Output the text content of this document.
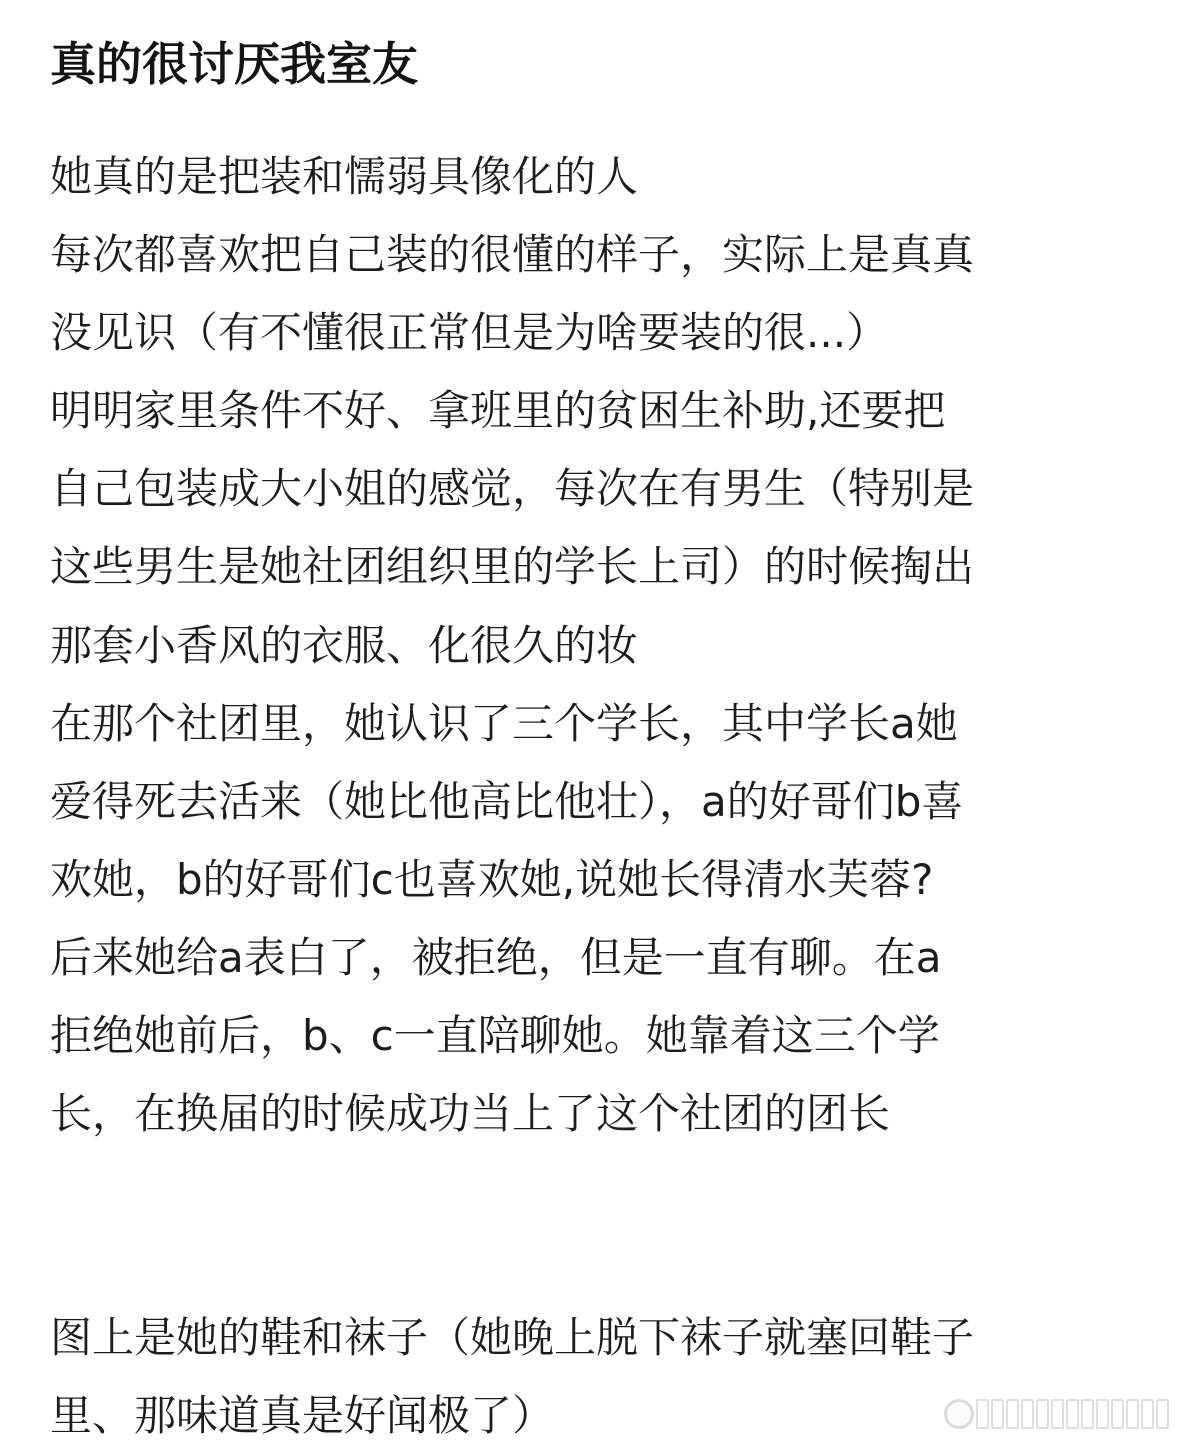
真的很讨厌我室友
她真的是把装和懦弱具像化的人
每次都喜欢把自己装的很懂的样子，实际上是真真
没见识（有不懂很正常但是为啥要装的很...）
明明家里条件不好、拿班里的贫困生补助,还要把
自己包装成大小姐的感觉，每次在有男生（特别是
这些男生是她社团组织里的学长上司）的时候掏出
那套小香风的衣服、化很久的妆
在那个社团里，她认识了三个学长，其中学长a她
爱得死去活来（她比他高比他壮），a的好哥们b喜
欢她，b的好哥们c也喜欢她,说她长得清水芙蓉?
后来她给a表白了，被拒绝，但是一直有聊。在a
拒绝她前后，b、c一直陪聊她。她靠着这三个学
长，在换届的时候成功当上了这个社团的团长
图上是她的鞋和袜子（她晚上脱下袜子就塞回鞋子
里、那味道真是好闻极了）
